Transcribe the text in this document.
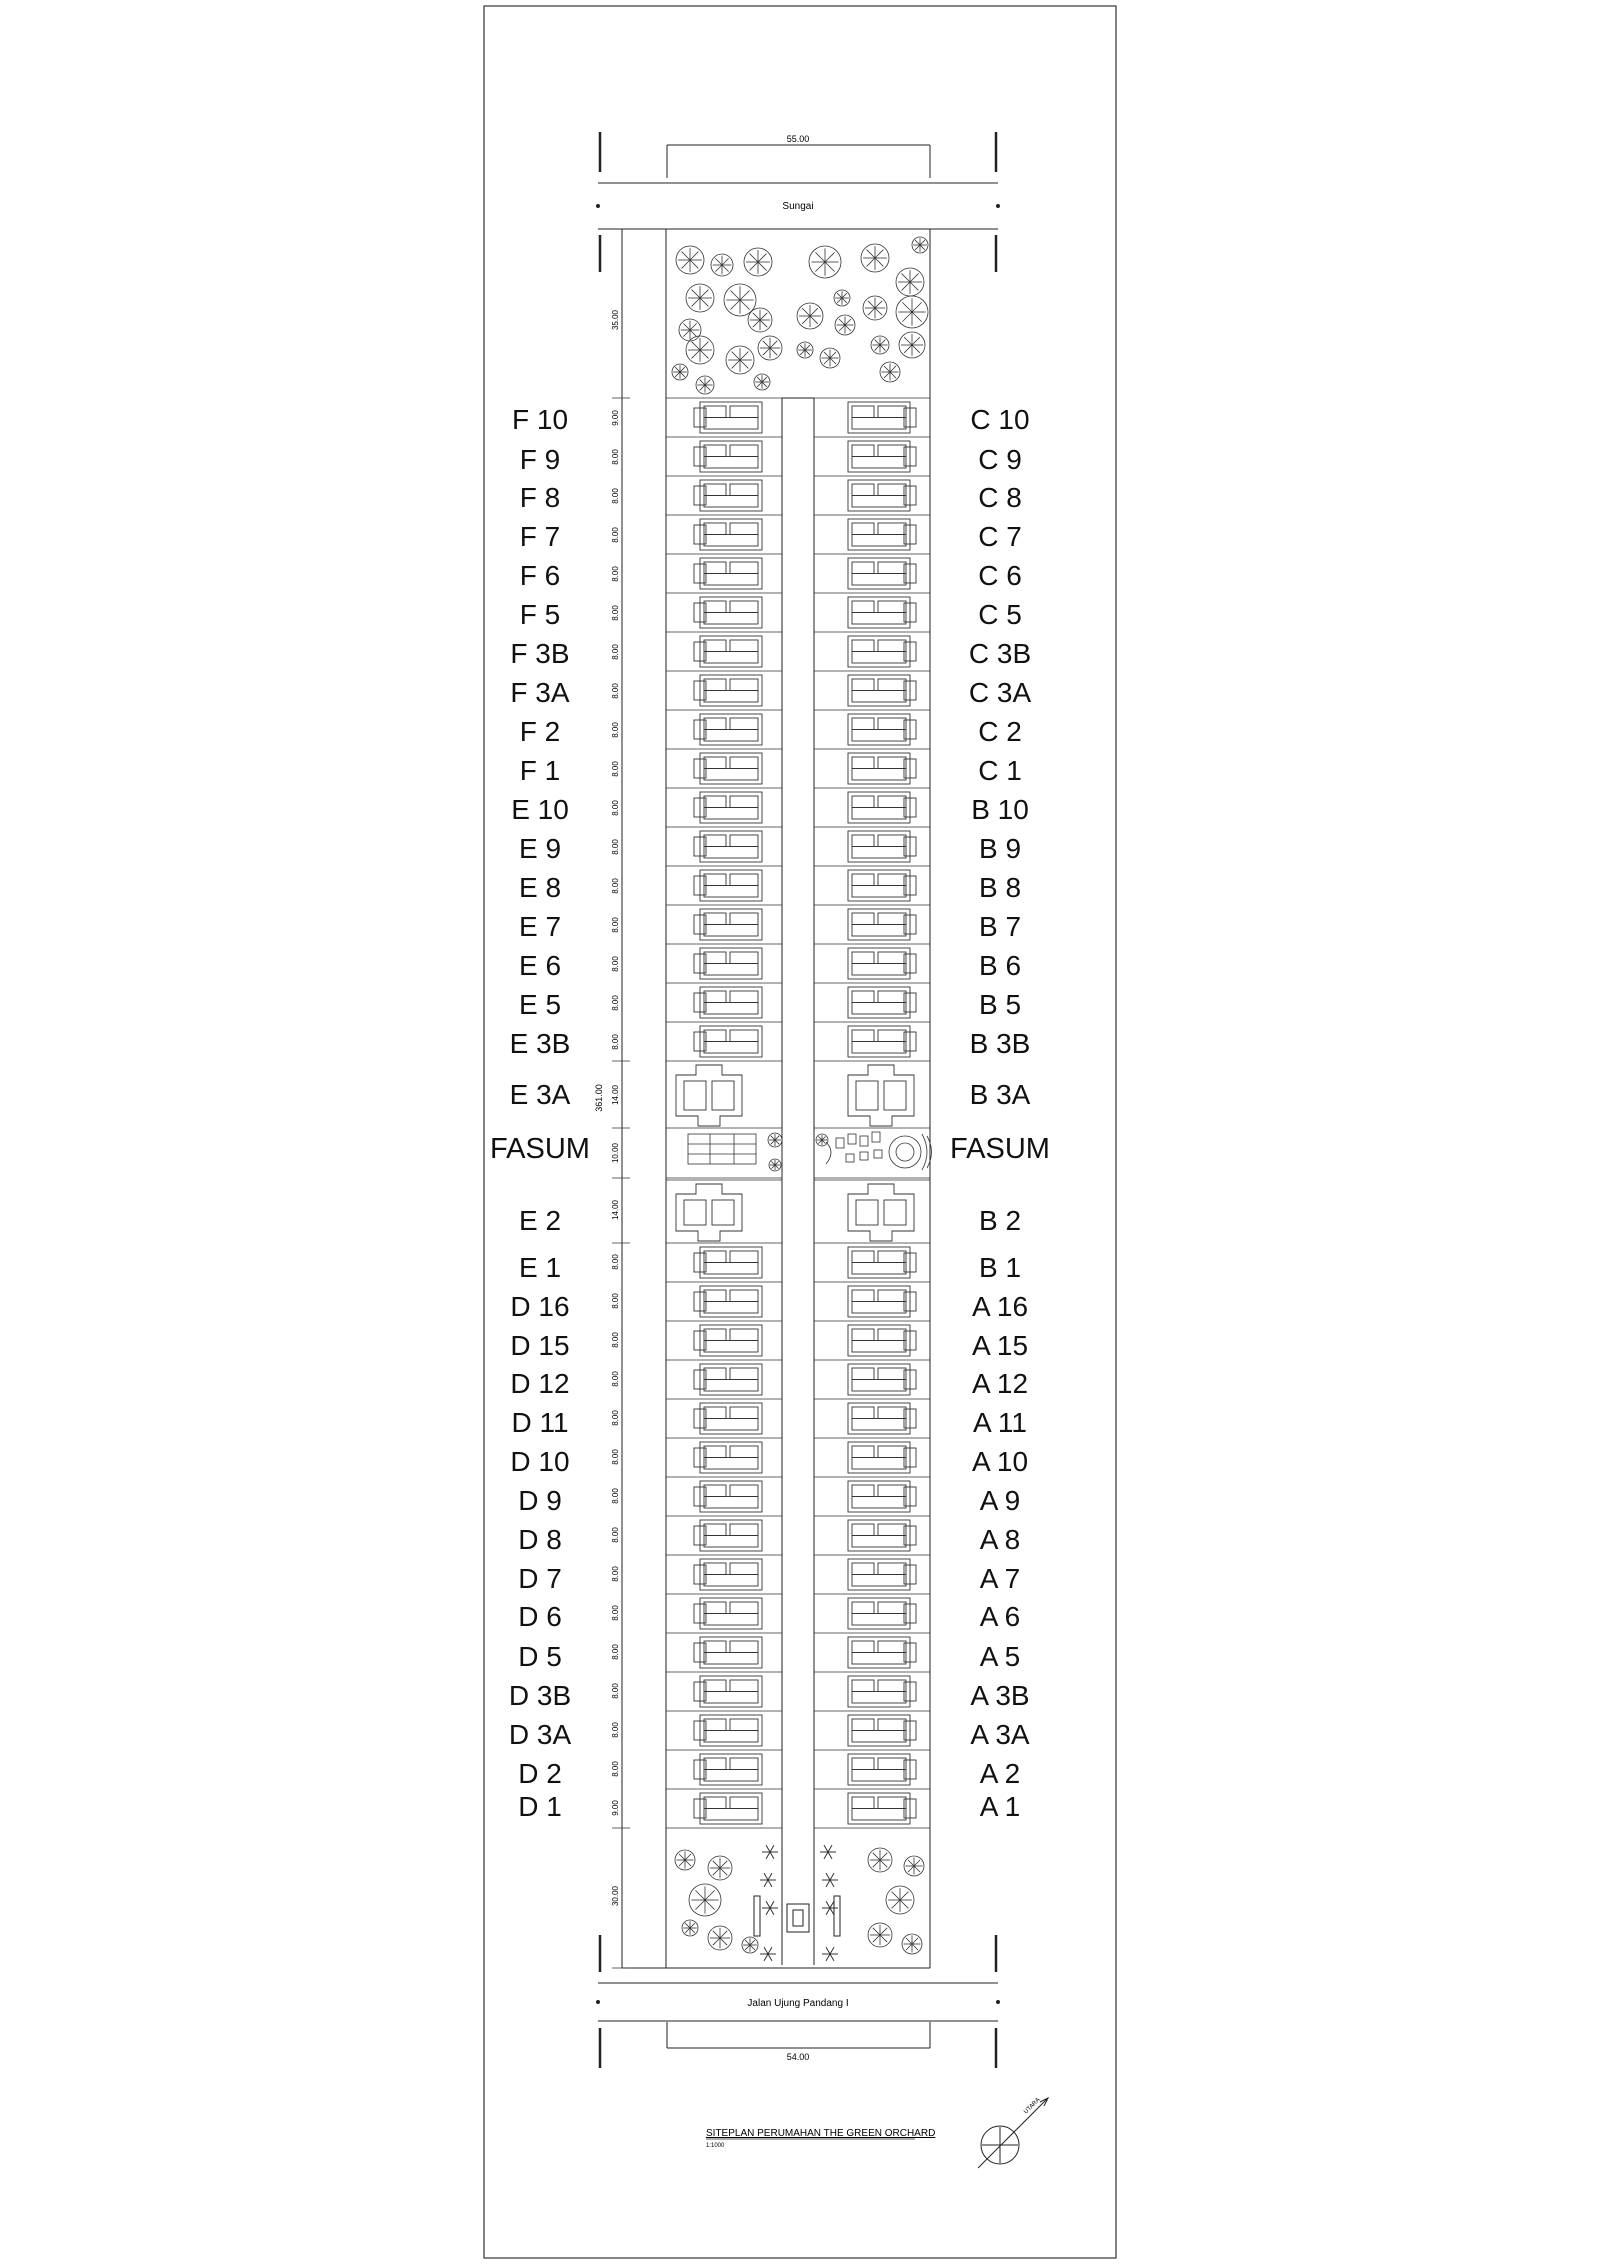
55.00
Sungai
Jalan Ujung Pandang I
54.00
361.00
35.00
9.00
8.00
8.00
8.00
8.00
8.00
8.00
8.00
8.00
8.00
8.00
8.00
8.00
8.00
8.00
8.00
8.00
14.00
10.00
14.00
8.00
8.00
8.00
8.00
8.00
8.00
8.00
8.00
8.00
8.00
8.00
8.00
8.00
8.00
9.00
30.00
UTARA
SITEPLAN PERUMAHAN THE GREEN ORCHARD
1:1000
F 10
F 9
F 8
F 7
F 6
F 5
F 3B
F 3A
F 2
F 1
E 10
E 9
E 8
E 7
E 6
E 5
E 3B
E 3A
FASUM
E 2
E 1
D 16
D 15
D 12
D 11
D 10
D 9
D 8
D 7
D 6
D 5
D 3B
D 3A
D 2
D 1
C 10
C 9
C 8
C 7
C 6
C 5
C 3B
C 3A
C 2
C 1
B 10
B 9
B 8
B 7
B 6
B 5
B 3B
B 3A
FASUM
B 2
B 1
A 16
A 15
A 12
A 11
A 10
A 9
A 8
A 7
A 6
A 5
A 3B
A 3A
A 2
A 1
